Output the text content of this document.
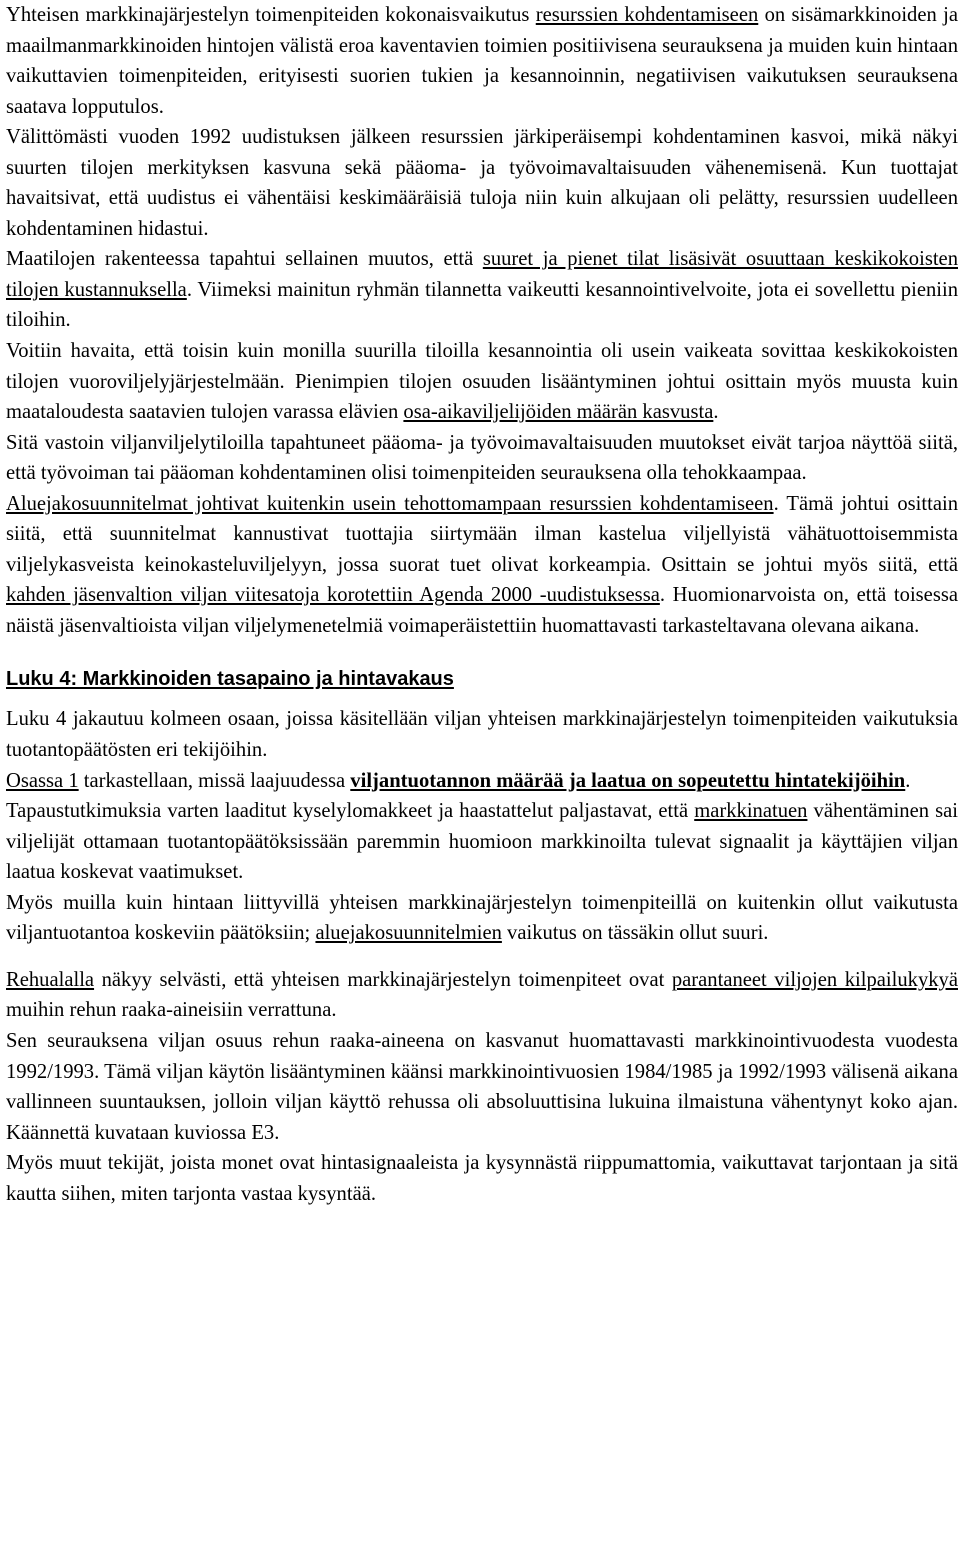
Yhteisen markkinajärjestelyn toimenpiteiden kokonaisvaikutus resurssien kohdentamiseen on sisämarkkinoiden ja maailmanmarkkinoiden hintojen välistä eroa kaventavien toimien positiivisena seurauksena ja muiden kuin hintaan vaikuttavien toimenpiteiden, erityisesti suorien tukien ja kesannoinnin, negatiivisen vaikutuksen seurauksena saatava lopputulos.

Välittömästi vuoden 1992 uudistuksen jälkeen resurssien järkiperäisempi kohdentaminen kasvoi, mikä näkyi suurten tilojen merkityksen kasvuna sekä pääoma- ja työvoimavaltaisuuden vähenemisenä. Kun tuottajat havaitsivat, että uudistus ei vähentäisi keskimääräisiä tuloja niin kuin alkujaan oli pelätty, resurssien uudelleen kohdentaminen hidastui.

Maatilojen rakenteessa tapahtui sellainen muutos, että suuret ja pienet tilat lisäsivät osuuttaan keskikokoisten tilojen kustannuksella. Viimeksi mainitun ryhmän tilannetta vaikeutti kesannointivelvoite, jota ei sovellettu pieniin tiloihin.

Voitiin havaita, että toisin kuin monilla suurilla tiloilla kesannointia oli usein vaikeata sovittaa keskikokoisten tilojen vuoroviljelyjärjestelmään. Pienimpien tilojen osuuden lisääntyminen johtui osittain myös muusta kuin maataloudesta saatavien tulojen varassa elävien osa-aikaviljelijöiden määrän kasvusta.

Sitä vastoin viljanviljelytiloilla tapahtuneet pääoma- ja työvoimavaltaisuuden muutokset eivät tarjoa näyttöä siitä, että työvoiman tai pääoman kohdentaminen olisi toimenpiteiden seurauksena olla tehokkaampaa.

Aluejakosuunnitelmat johtivat kuitenkin usein tehottomampaan resurssien kohdentamiseen. Tämä johtui osittain siitä, että suunnitelmat kannustivat tuottajia siirtymään ilman kastelua viljellyistä vähätuottoisemmista viljelykasveista keinokasteluviljelyyn, jossa suorat tuet olivat korkeampia. Osittain se johtui myös siitä, että kahden jäsenvaltion viljan viitesatoja korotettiin Agenda 2000 -uudistuksessa. Huomionarvoista on, että toisessa näistä jäsenvaltioista viljan viljelymenetelmiä voimaperäistettiin huomattavasti tarkasteltavana olevana aikana.

Luku 4: Markkinoiden tasapaino ja hintavakaus

Luku 4 jakautuu kolmeen osaan, joissa käsitellään viljan yhteisen markkinajärjestelyn toimenpiteiden vaikutuksia tuotantopäätösten eri tekijöihin.

Osassa 1 tarkastellaan, missä laajuudessa viljantuotannon määrää ja laatua on sopeutettu hintatekijöihin.

Tapaustutkimuksia varten laaditut kyselylomakkeet ja haastattelut paljastavat, että markkinatuen vähentäminen sai viljelijät ottamaan tuotantopäätöksissään paremmin huomioon markkinoilta tulevat signaalit ja käyttäjien viljan laatua koskevat vaatimukset.

Myös muilla kuin hintaan liittyvillä yhteisen markkinajärjestelyn toimenpiteillä on kuitenkin ollut vaikutusta viljantuotantoa koskeviin päätöksiin; aluejakosuunnitelmien vaikutus on tässäkin ollut suuri.

Rehualalla näkyy selvästi, että yhteisen markkinajärjestelyn toimenpiteet ovat parantaneet viljojen kilpailukykyä muihin rehun raaka-aineisiin verrattuna.

Sen seurauksena viljan osuus rehun raaka-aineena on kasvanut huomattavasti markkinointivuodesta vuodesta 1992/1993. Tämä viljan käytön lisääntyminen käänsi markkinointivuosien 1984/1985 ja 1992/1993 välisenä aikana vallinneen suuntauksen, jolloin viljan käyttö rehussa oli absoluuttisina lukuina ilmaistuna vähentynyt koko ajan. Käännettä kuvataan kuviossa E3.

Myös muut tekijät, joista monet ovat hintasignaaleista ja kysynnästä riippumattomia, vaikuttavat tarjontaan ja sitä kautta siihen, miten tarjonta vastaa kysyntää.
